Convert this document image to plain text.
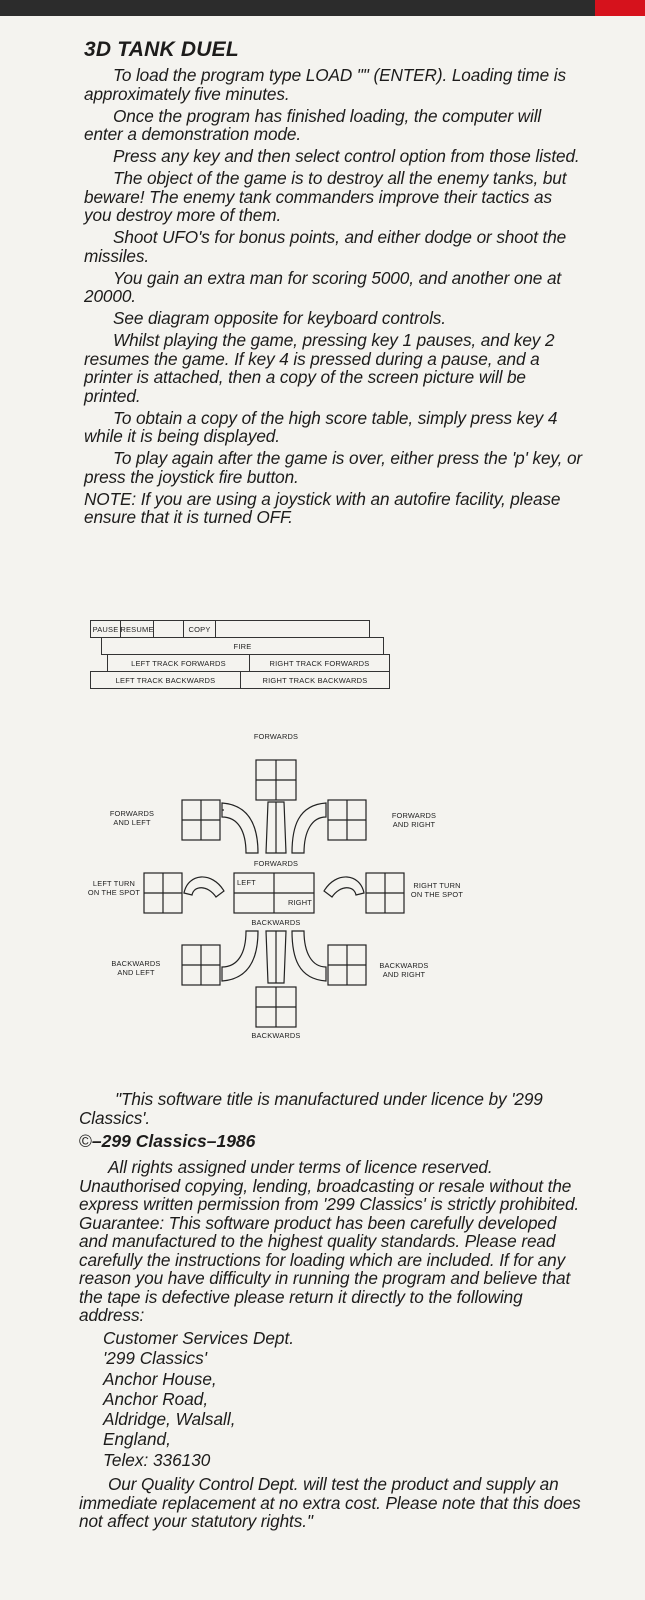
3D TANK DUEL

To load the program type LOAD "" (ENTER). Loading time is approximately five minutes.

Once the program has finished loading, the computer will enter a demonstration mode.

Press any key and then select control option from those listed.

The object of the game is to destroy all the enemy tanks, but beware! The enemy tank commanders improve their tactics as you destroy more of them.

Shoot UFO's for bonus points, and either dodge or shoot the missiles.

You gain an extra man for scoring 5000, and another one at 20000.

See diagram opposite for keyboard controls.

Whilst playing the game, pressing key 1 pauses, and key 2 resumes the game. If key 4 is pressed during a pause, and a printer is attached, then a copy of the screen picture will be printed.

To obtain a copy of the high score table, simply press key 4 while it is being displayed.

To play again after the game is over, either press the 'p' key, or press the joystick fire button.

NOTE: If you are using a joystick with an autofire facility, please ensure that it is turned OFF.

PAUSE RESUME	COPY
FIRE
LEFT TRACK FORWARDS	RIGHT TRACK FORWARDS
LEFT TRACK BACKWARDS	RIGHT TRACK BACKWARDS
FORWARDS
FORWARDS
AND LEFT
FORWARDS
AND RIGHT
FORWARDS
LEFT TURN
ON THE SPOT
RIGHT TURN
ON THE SPOT
LEFT
RIGHT
BACKWARDS
BACKWARDS
AND LEFT
BACKWARDS
AND RIGHT
BACKWARDS

"This software title is manufactured under licence by '299 Classics'.

©–299 Classics–1986

All rights assigned under terms of licence reserved. Unauthorised copying, lending, broadcasting or resale without the express written permission from '299 Classics' is strictly prohibited. Guarantee: This software product has been carefully developed and manufactured to the highest quality standards. Please read carefully the instructions for loading which are included. If for any reason you have difficulty in running the program and believe that the tape is defective please return it directly to the following address:

Customer Services Dept.
'299 Classics'
Anchor House,
Anchor Road,
Aldridge, Walsall,
England,
Telex: 336130

Our Quality Control Dept. will test the product and supply an immediate replacement at no extra cost. Please note that this does not affect your statutory rights."
